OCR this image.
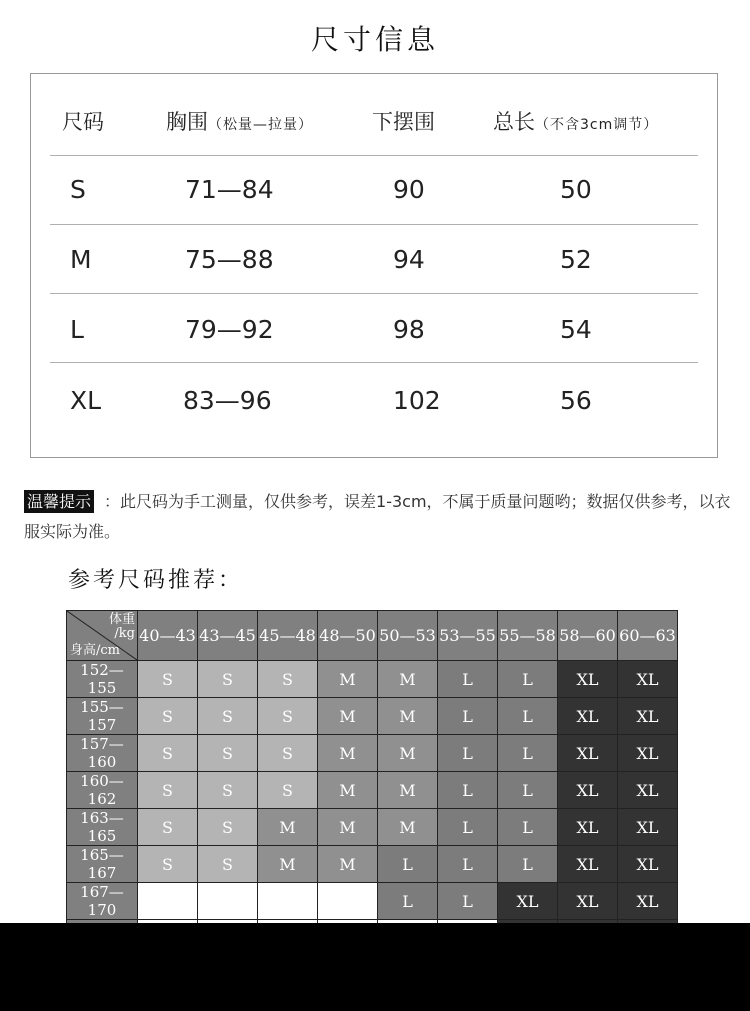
尺寸信息
尺码	胸围（松量—拉量）	下摆围	总长（不含3cm调节）
S	71—84	90	50
M	75—88	94	52
L	79—92	98	54
XL	83—96	102	56
温馨提示 ：此尺码为手工测量，仅供参考，误差1-3cm，不属于质量问题哟；数据仅供参考，以衣服实际为准。
参考尺码推荐：
体重
/kg
身高/cm	40—43	43—45	45—48	48—50	50—53	53—55	55—58	58—60	60—63
152—155	S	S	S	M	M	L	L	XL	XL
155—157	S	S	S	M	M	L	L	XL	XL
157—160	S	S	S	M	M	L	L	XL	XL
160—162	S	S	S	M	M	L	L	XL	XL
163—165	S	S	M	M	M	L	L	XL	XL
165—167	S	S	M	M	L	L	L	XL	XL
167—170					L	L	XL	XL	XL
